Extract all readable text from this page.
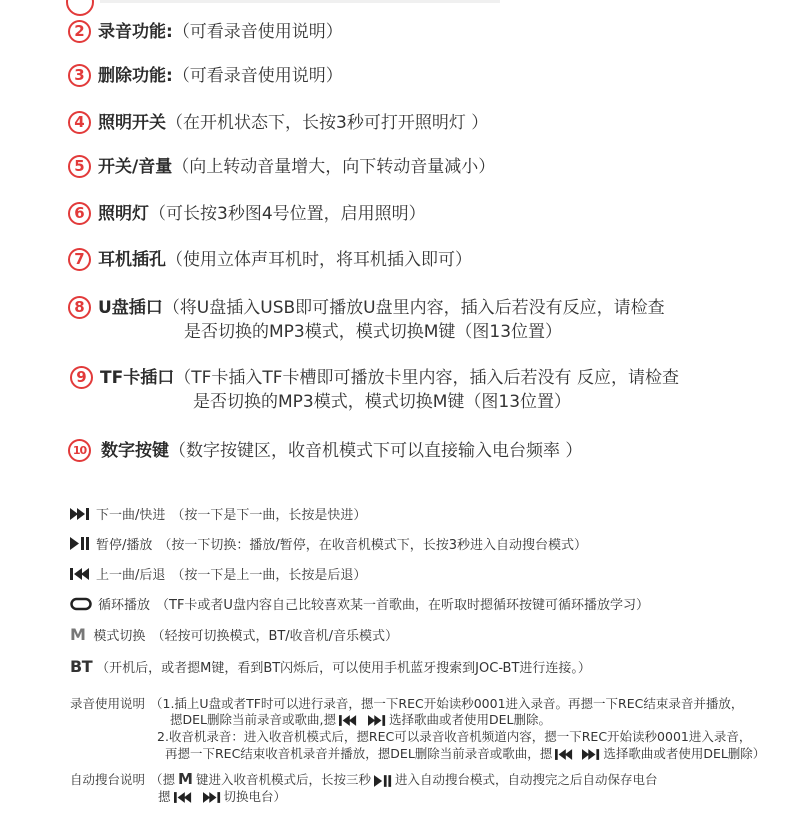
2 录音功能: （可看录音使用说明）
3 删除功能: （可看录音使用说明）
4 照明开关 （在开机状态下，长按3秒可打开照明灯 ）
5 开关/音量 （向上转动音量增大，向下转动音量减小）
6 照明灯 （可长按3秒图4号位置，启用照明）
7 耳机插孔 （使用立体声耳机时，将耳机插入即可）
8 U盘插口 （将U盘插入USB即可播放U盘里内容，插入后若没有反应，请检查
是否切换的MP3模式，模式切换M键（图13位置）
9 TF卡插口 （TF卡插入TF卡槽即可播放卡里内容，插入后若没有 反应，请检查
是否切换的MP3模式，模式切换M键（图13位置）
10 数字按键 （数字按键区，收音机模式下可以直接输入电台频率 ）
下一曲/快进 （按一下是下一曲，长按是快进）
暂停/播放 （按一下切换：播放/暂停，在收音机模式下，长按3秒进入自动搜台模式）
上一曲/后退 （按一下是上一曲，长按是后退）
循环播放 （TF卡或者U盘内容自己比较喜欢某一首歌曲，在听取时摁循环按键可循环播放学习）
M 模式切换 （轻按可切换模式，BT/收音机/音乐模式）
BT （开机后，或者摁M键，看到BT闪烁后，可以使用手机蓝牙搜索到JOC-BT进行连接。）
录音使用说明 （1.插上U盘或者TF时可以进行录音，摁一下REC开始读秒0001进入录音。再摁一下REC结束录音并播放，
摁DEL删除当前录音或歌曲,摁	选择歌曲或者使用DEL删除。
2.收音机录音：进入收音机模式后，摁REC可以录音收音机频道内容，摁一下REC开始读秒0001进入录音，
再摁一下REC结束收音机录音并播放，摁DEL删除当前录音或歌曲，摁	选择歌曲或者使用DEL删除）
自动搜台说明 （摁 M 键进入收音机模式后，长按三秒 进入自动搜台模式，自动搜完之后自动保存电台
摁	切换电台）
